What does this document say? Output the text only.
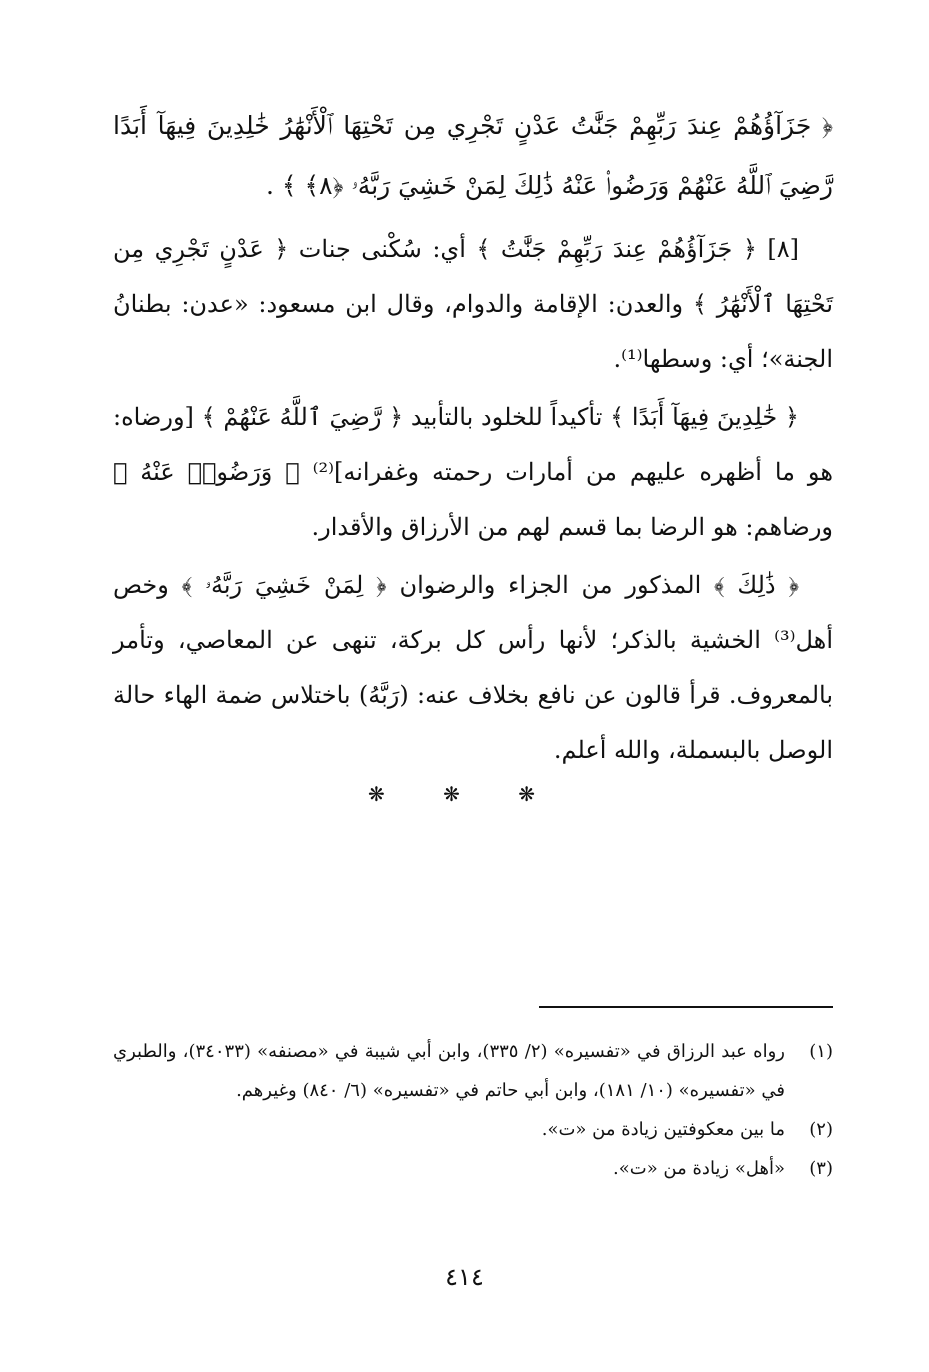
﴿ جَزَآؤُهُمْ عِندَ رَبِّهِمْ جَنَّٰتُ عَدْنٍ تَجْرِي مِن تَحْتِهَا ٱلْأَنْهَٰرُ خَٰلِدِينَ فِيهَآ أَبَدًا رَّضِيَ ٱللَّهُ عَنْهُمْ وَرَضُوا۟ عَنْهُ ذَٰلِكَ لِمَنْ خَشِيَ رَبَّهُۥ ﴿٨﴾ ﴾ .
[٨] ﴿ جَزَآؤُهُمْ عِندَ رَبِّهِمْ جَنَّٰتُ ﴾ أي: سُكْنى جنات ﴿ عَدْنٍ تَجْرِي مِن تَحْتِهَا ٱلْأَنْهَٰرُ ﴾ والعدن: الإقامة والدوام، وقال ابن مسعود: «عدن: بطنانُ الجنة»؛ أي: وسطها⁽¹⁾.
﴿ خَٰلِدِينَ فِيهَآ أَبَدًا ﴾ تأكيداً للخلود بالتأبيد ﴿ رَّضِيَ ٱللَّهُ عَنْهُمْ ﴾ [ورضاه: هو ما أظهره عليهم من أمارات رحمته وغفرانه]⁽²⁾ ﴿ وَرَضُوا۟ عَنْهُ ﴾ ورضاهم: هو الرضا بما قسم لهم من الأرزاق والأقدار.
﴿ ذَٰلِكَ ﴾ المذكور من الجزاء والرضوان ﴿ لِمَنْ خَشِيَ رَبَّهُۥ ﴾ وخص أهل⁽³⁾ الخشية بالذكر؛ لأنها رأس كل بركة، تنهى عن المعاصي، وتأمر بالمعروف. قرأ قالون عن نافع بخلاف عنه: (رَبَّهُ) باختلاس ضمة الهاء حالة الوصل بالبسملة، والله أعلم.
❋ ❋ ❋
(١)
رواه عبد الرزاق في «تفسيره» (٢/ ٣٣٥)، وابن أبي شيبة في «مصنفه» (٣٤٠٣٣)، والطبري في «تفسيره» (١٠/ ١٨١)، وابن أبي حاتم في «تفسيره» (٦/ ٨٤٠) وغيرهم.
(٢)
ما بين معكوفتين زيادة من «ت».
(٣)
«أهل» زيادة من «ت».
٤١٤
